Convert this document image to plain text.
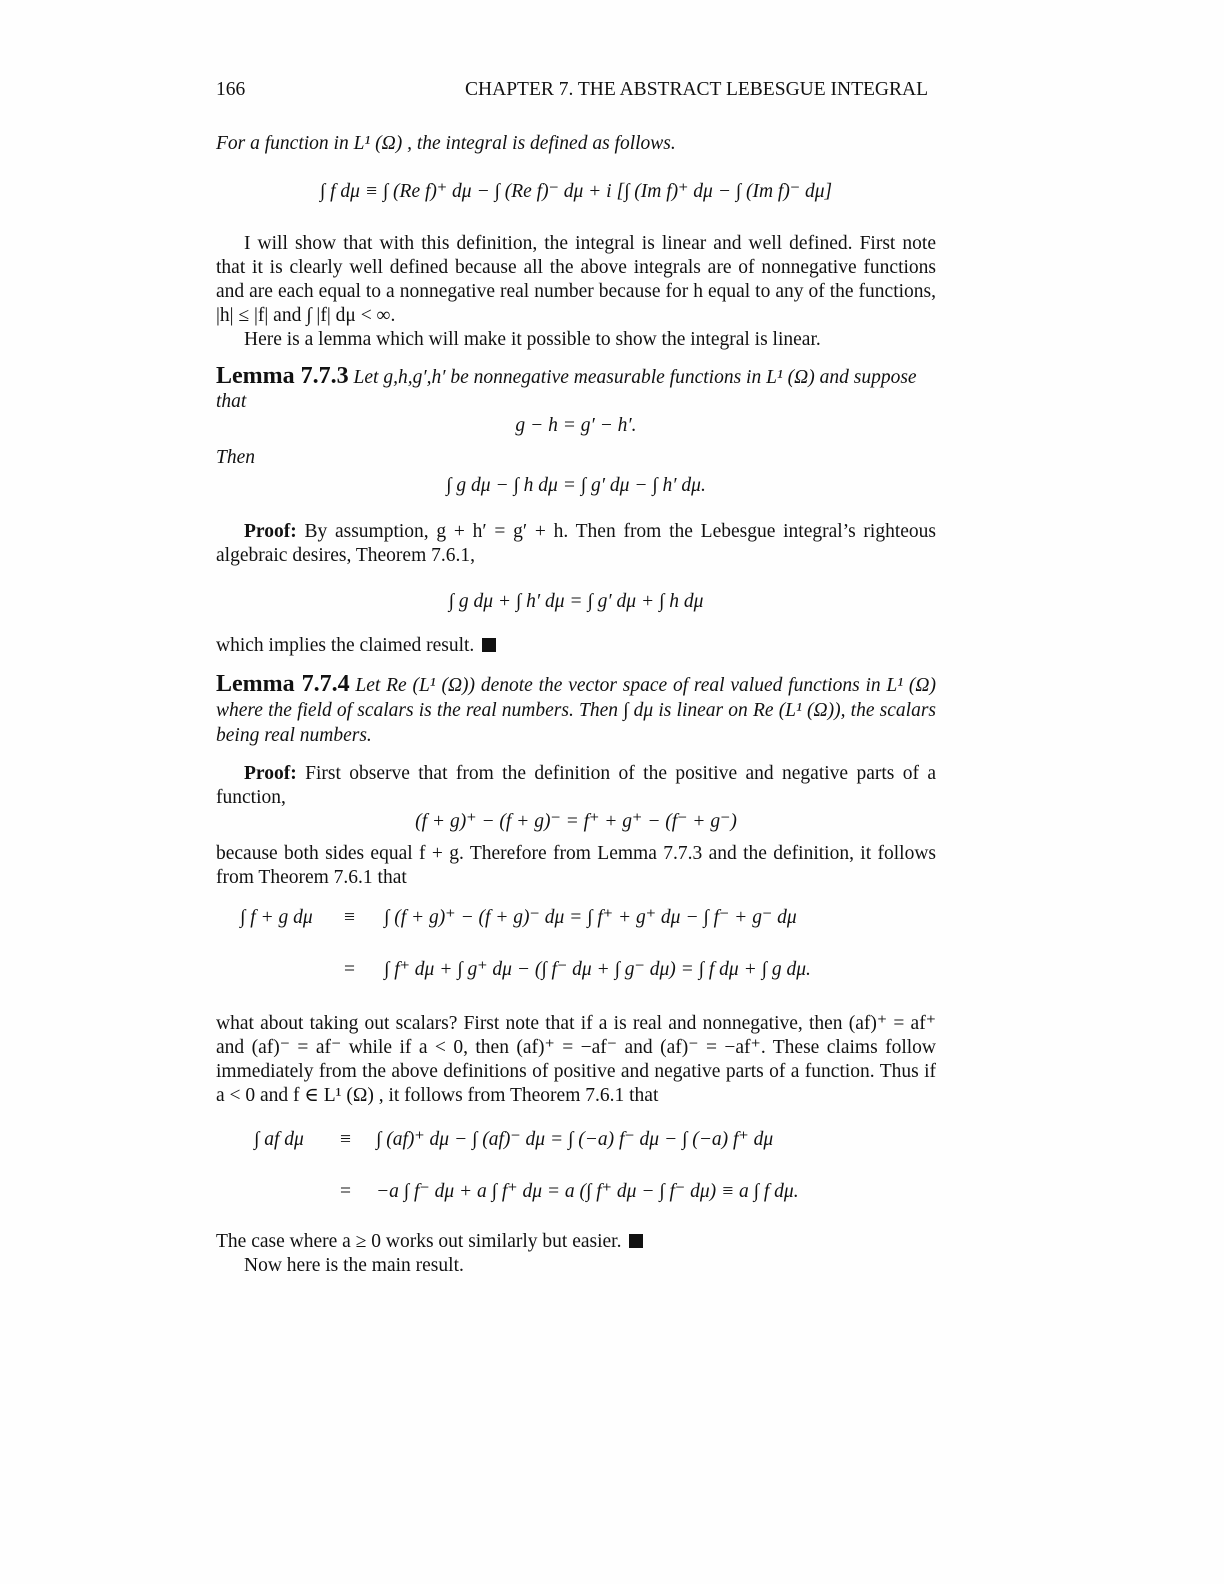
166	CHAPTER 7. THE ABSTRACT LEBESGUE INTEGRAL
For a function in L¹ (Ω) , the integral is defined as follows.
∫ f dμ ≡ ∫ (Re f)⁺ dμ − ∫ (Re f)⁻ dμ + i [∫ (Im f)⁺ dμ − ∫ (Im f)⁻ dμ]
I will show that with this definition, the integral is linear and well defined. First note that it is clearly well defined because all the above integrals are of nonnegative functions and are each equal to a nonnegative real number because for h equal to any of the functions, |h| ≤ |f| and ∫ |f| dμ < ∞.
Here is a lemma which will make it possible to show the integral is linear.
Lemma 7.7.3 Let g,h,g′,h′ be nonnegative measurable functions in L¹ (Ω) and suppose that
g − h = g′ − h′.
Then
∫ g dμ − ∫ h dμ = ∫ g′ dμ − ∫ h′ dμ.
Proof: By assumption, g + h′ = g′ + h. Then from the Lebesgue integral’s righteous algebraic desires, Theorem 7.6.1,
∫ g dμ + ∫ h′ dμ = ∫ g′ dμ + ∫ h dμ
which implies the claimed result.
Lemma 7.7.4 Let Re (L¹ (Ω)) denote the vector space of real valued functions in L¹ (Ω) where the field of scalars is the real numbers. Then ∫ dμ is linear on Re (L¹ (Ω)), the scalars being real numbers.
Proof: First observe that from the definition of the positive and negative parts of a function,
(f + g)⁺ − (f + g)⁻ = f⁺ + g⁺ − (f⁻ + g⁻)
because both sides equal f + g. Therefore from Lemma 7.7.3 and the definition, it follows from Theorem 7.6.1 that
∫ f + g dμ ≡ ∫ (f + g)⁺ − (f + g)⁻ dμ = ∫ f⁺ + g⁺ dμ − ∫ f⁻ + g⁻ dμ
= ∫ f⁺ dμ + ∫ g⁺ dμ − (∫ f⁻ dμ + ∫ g⁻ dμ) = ∫ f dμ + ∫ g dμ.
what about taking out scalars? First note that if a is real and nonnegative, then (af)⁺ = af⁺ and (af)⁻ = af⁻ while if a < 0, then (af)⁺ = −af⁻ and (af)⁻ = −af⁺. These claims follow immediately from the above definitions of positive and negative parts of a function. Thus if a < 0 and f ∈ L¹ (Ω) , it follows from Theorem 7.6.1 that
∫ af dμ ≡ ∫ (af)⁺ dμ − ∫ (af)⁻ dμ = ∫ (−a) f⁻ dμ − ∫ (−a) f⁺ dμ
= −a ∫ f⁻ dμ + a ∫ f⁺ dμ = a (∫ f⁺ dμ − ∫ f⁻ dμ) ≡ a ∫ f dμ.
The case where a ≥ 0 works out similarly but easier.
Now here is the main result.
